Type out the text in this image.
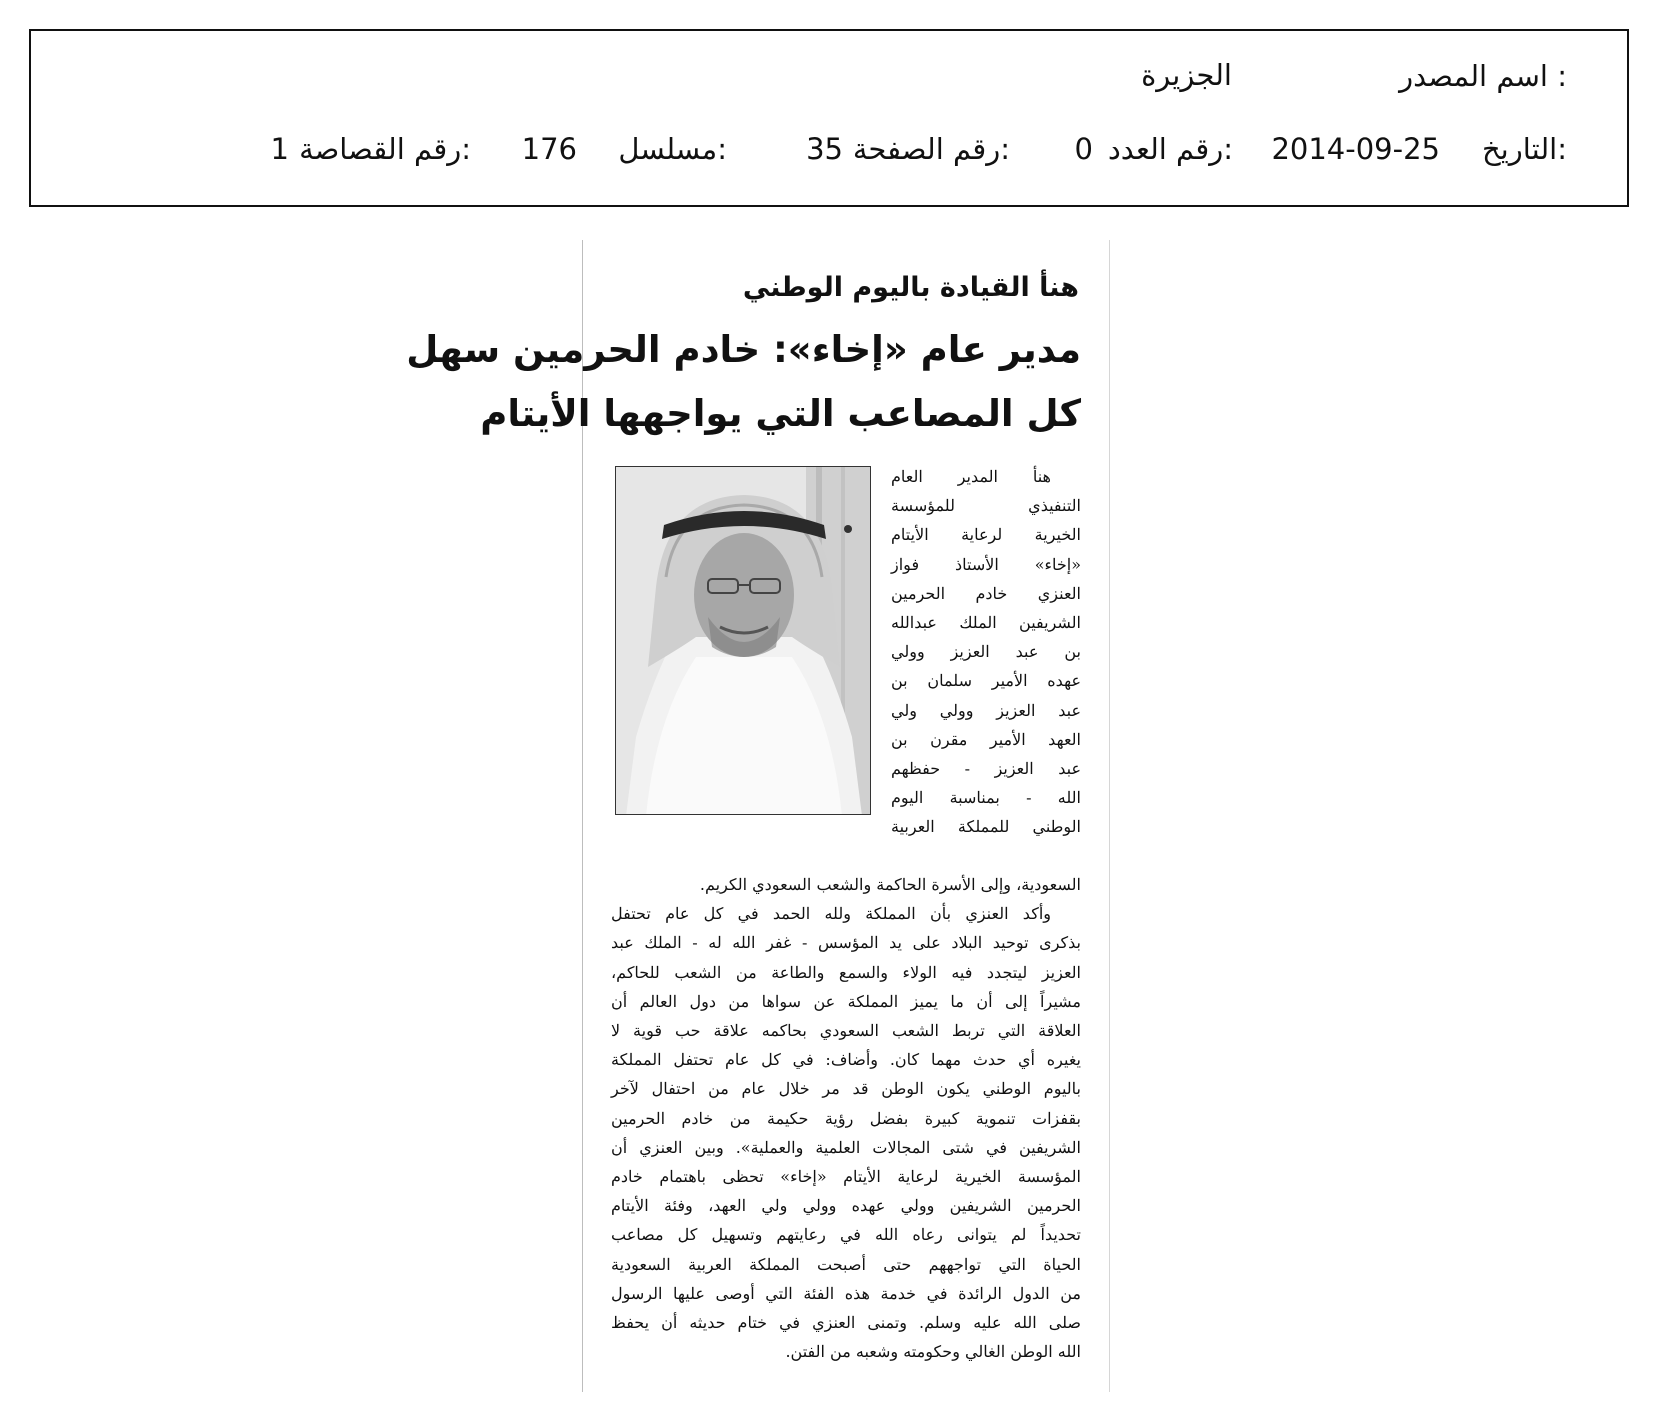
اسم المصدر :
الجزيرة
التاريخ:
2014-09-25
رقم العدد:
0
رقم الصفحة:
35
مسلسل:
176
رقم القصاصة:
1
هنأ القيادة باليوم الوطني
مدير عام «إخاء»: خادم الحرمين سهل
كل المصاعب التي يواجهها الأيتام
هنأ المدير العام
التنفيذي للمؤسسة
الخيرية لرعاية الأيتام
«إخاء» الأستاذ فواز
العنزي خادم الحرمين
الشريفين الملك عبدالله
بن عبد العزيز وولي
عهده الأمير سلمان بن
عبد العزيز وولي ولي
العهد الأمير مقرن بن
عبد العزيز - حفظهم
الله - بمناسبة اليوم
الوطني للمملكة العربية
السعودية، وإلى الأسرة الحاكمة والشعب السعودي الكريم.
وأكد العنزي بأن المملكة ولله الحمد في كل عام تحتفل
بذكرى توحيد البلاد على يد المؤسس - غفر الله له - الملك عبد
العزيز ليتجدد فيه الولاء والسمع والطاعة من الشعب للحاكم،
مشيراً إلى أن ما يميز المملكة عن سواها من دول العالم أن
العلاقة التي تربط الشعب السعودي بحاكمه علاقة حب قوية لا
يغيره أي حدث مهما كان. وأضاف: في كل عام تحتفل المملكة
باليوم الوطني يكون الوطن قد مر خلال عام من احتفال لآخر
بقفزات تنموية كبيرة بفضل رؤية حكيمة من خادم الحرمين
الشريفين في شتى المجالات العلمية والعملية». وبين العنزي أن
المؤسسة الخيرية لرعاية الأيتام «إخاء» تحظى باهتمام خادم
الحرمين الشريفين وولي عهده وولي ولي العهد، وفئة الأيتام
تحديداً لم يتوانى رعاه الله في رعايتهم وتسهيل كل مصاعب
الحياة التي تواجههم حتى أصبحت المملكة العربية السعودية
من الدول الرائدة في خدمة هذه الفئة التي أوصى عليها الرسول
صلى الله عليه وسلم. وتمنى العنزي في ختام حديثه أن يحفظ
الله الوطن الغالي وحكومته وشعبه من الفتن.
